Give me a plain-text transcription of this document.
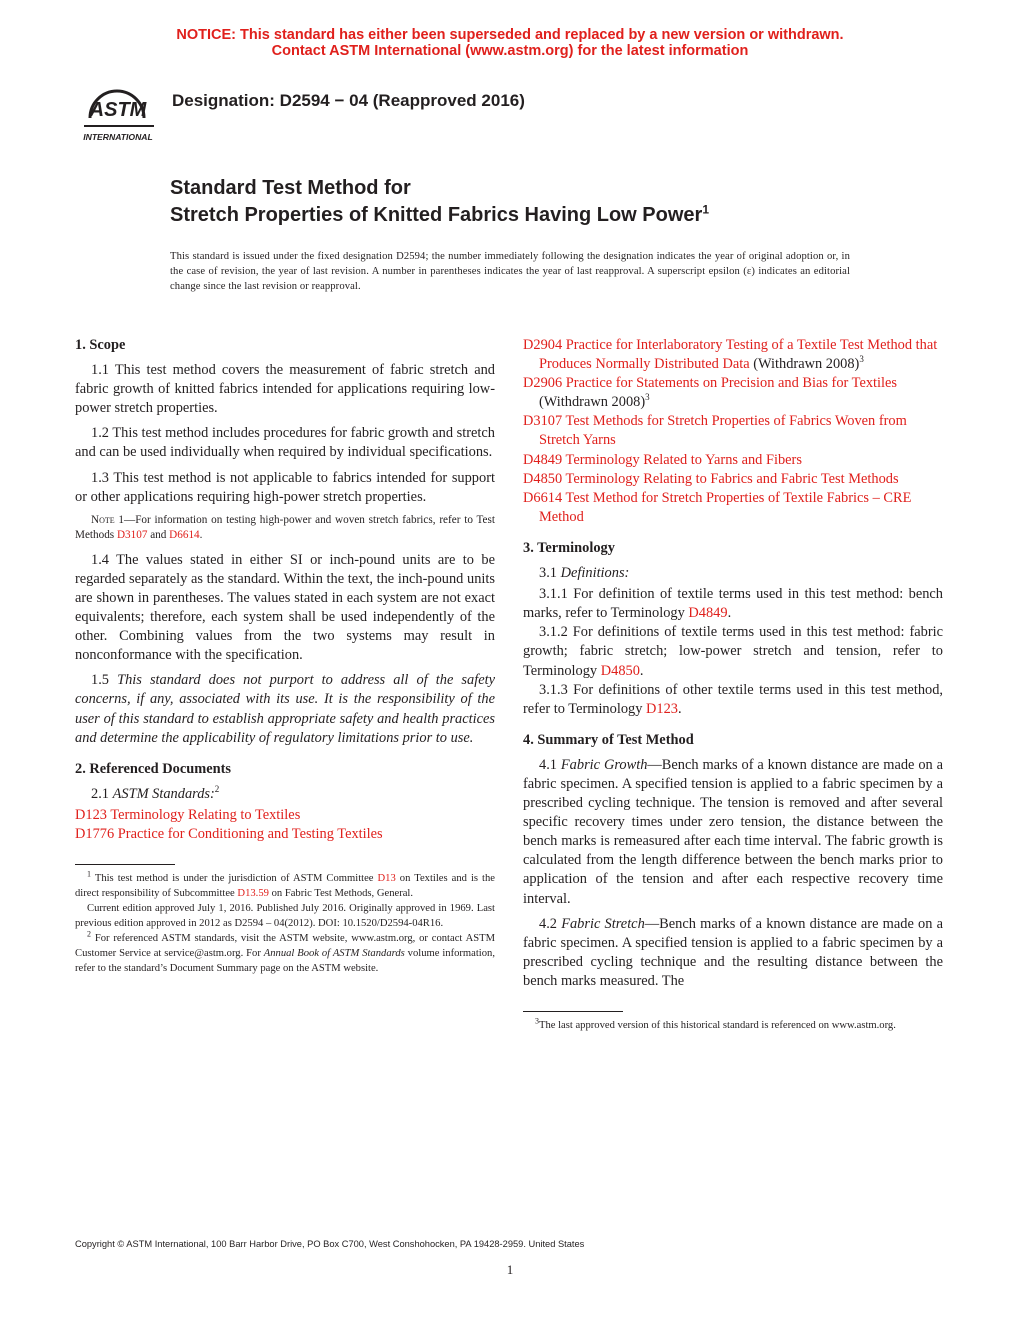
NOTICE: This standard has either been superseded and replaced by a new version or withdrawn.
Contact ASTM International (www.astm.org) for the latest information
ASTM
INTERNATIONAL
Designation: D2594 − 04 (Reapproved 2016)
Standard Test Method for
Stretch Properties of Knitted Fabrics Having Low Power$^1$
This standard is issued under the fixed designation D2594; the number immediately following the designation indicates the year of original adoption or, in the case of revision, the year of last revision. A number in parentheses indicates the year of last reapproval. A superscript epsilon (ε) indicates an editorial change since the last revision or reapproval.
1. Scope
1.1 This test method covers the measurement of fabric stretch and fabric growth of knitted fabrics intended for applications requiring low-power stretch properties.
1.2 This test method includes procedures for fabric growth and stretch and can be used individually when required by individual specifications.
1.3 This test method is not applicable to fabrics intended for support or other applications requiring high-power stretch properties.
Note 1—For information on testing high-power and woven stretch fabrics, refer to Test Methods D3107 and D6614.
1.4 The values stated in either SI or inch-pound units are to be regarded separately as the standard. Within the text, the inch-pound units are shown in parentheses. The values stated in each system are not exact equivalents; therefore, each system shall be used independently of the other. Combining values from the two systems may result in nonconformance with the specification.
1.5 This standard does not purport to address all of the safety concerns, if any, associated with its use. It is the responsibility of the user of this standard to establish appropriate safety and health practices and determine the applicability of regulatory limitations prior to use.
2. Referenced Documents
2.1 ASTM Standards:$^2$
D123 Terminology Relating to Textiles
D1776 Practice for Conditioning and Testing Textiles
$^1$ This test method is under the jurisdiction of ASTM Committee D13 on Textiles and is the direct responsibility of Subcommittee D13.59 on Fabric Test Methods, General.
Current edition approved July 1, 2016. Published July 2016. Originally approved in 1969. Last previous edition approved in 2012 as D2594 – 04(2012). DOI: 10.1520/D2594-04R16.
$^2$ For referenced ASTM standards, visit the ASTM website, www.astm.org, or contact ASTM Customer Service at service@astm.org. For Annual Book of ASTM Standards volume information, refer to the standard’s Document Summary page on the ASTM website.
D2904 Practice for Interlaboratory Testing of a Textile Test Method that Produces Normally Distributed Data (Withdrawn 2008)$^3$
D2906 Practice for Statements on Precision and Bias for Textiles (Withdrawn 2008)$^3$
D3107 Test Methods for Stretch Properties of Fabrics Woven from Stretch Yarns
D4849 Terminology Related to Yarns and Fibers
D4850 Terminology Relating to Fabrics and Fabric Test Methods
D6614 Test Method for Stretch Properties of Textile Fabrics – CRE Method
3. Terminology
3.1 Definitions:
3.1.1 For definition of textile terms used in this test method: bench marks, refer to Terminology D4849.
3.1.2 For definitions of textile terms used in this test method: fabric growth; fabric stretch; low-power stretch and tension, refer to Terminology D4850.
3.1.3 For definitions of other textile terms used in this test method, refer to Terminology D123.
4. Summary of Test Method
4.1 Fabric Growth—Bench marks of a known distance are made on a fabric specimen. A specified tension is applied to a fabric specimen by a prescribed cycling technique. The tension is removed and after several specific recovery times under zero tension, the distance between the bench marks is remeasured after each time interval. The fabric growth is calculated from the length difference between the bench marks prior to application of the tension and after each respective recovery time interval.
4.2 Fabric Stretch—Bench marks of a known distance are made on a fabric specimen. A specified tension is applied to a fabric specimen by a prescribed cycling technique and the resulting distance between the bench marks measured. The
$^3$The last approved version of this historical standard is referenced on www.astm.org.
Copyright © ASTM International, 100 Barr Harbor Drive, PO Box C700, West Conshohocken, PA 19428-2959. United States
1
